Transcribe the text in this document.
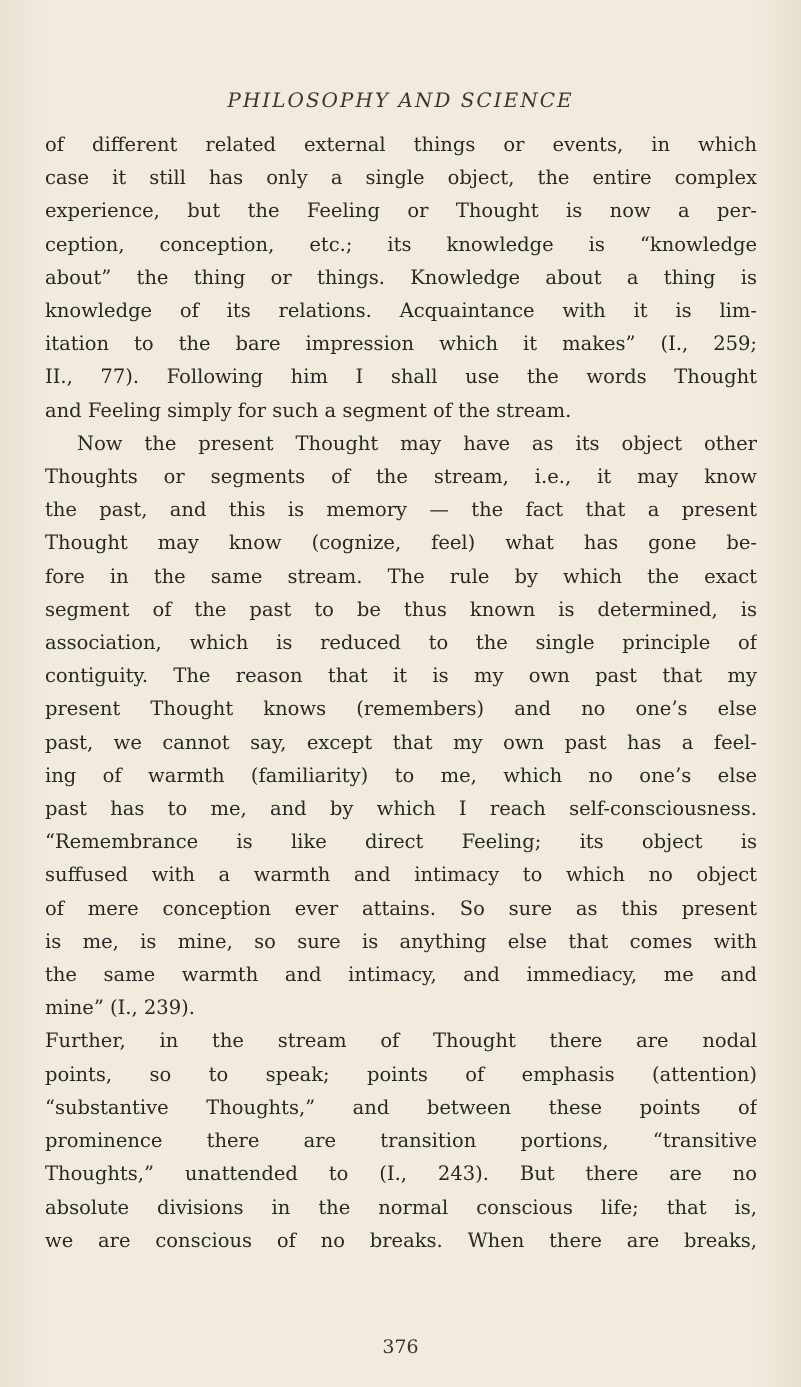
PHILOSOPHY AND SCIENCE
of different related external things or events, in which
case it still has only a single object, the entire complex
experience, but the Feeling or Thought is now a per-
ception, conception, etc.; its knowledge is “knowledge
about” the thing or things. Knowledge about a thing is
knowledge of its relations. Acquaintance with it is lim-
itation to the bare impression which it makes” (I., 259;
II., 77). Following him I shall use the words Thought
and Feeling simply for such a segment of the stream.
Now the present Thought may have as its object other
Thoughts or segments of the stream, i.e., it may know
the past, and this is memory — the fact that a present
Thought may know (cognize, feel) what has gone be-
fore in the same stream. The rule by which the exact
segment of the past to be thus known is determined, is
association, which is reduced to the single principle of
contiguity. The reason that it is my own past that my
present Thought knows (remembers) and no one’s else
past, we cannot say, except that my own past has a feel-
ing of warmth (familiarity) to me, which no one’s else
past has to me, and by which I reach self-consciousness.
“Remembrance is like direct Feeling; its object is
suffused with a warmth and intimacy to which no object
of mere conception ever attains. So sure as this present
is me, is mine, so sure is anything else that comes with
the same warmth and intimacy, and immediacy, me and
mine” (I., 239).
Further, in the stream of Thought there are nodal
points, so to speak; points of emphasis (attention)
“substantive Thoughts,” and between these points of
prominence there are transition portions, “transitive
Thoughts,” unattended to (I., 243). But there are no
absolute divisions in the normal conscious life; that is,
we are conscious of no breaks. When there are breaks,
376
